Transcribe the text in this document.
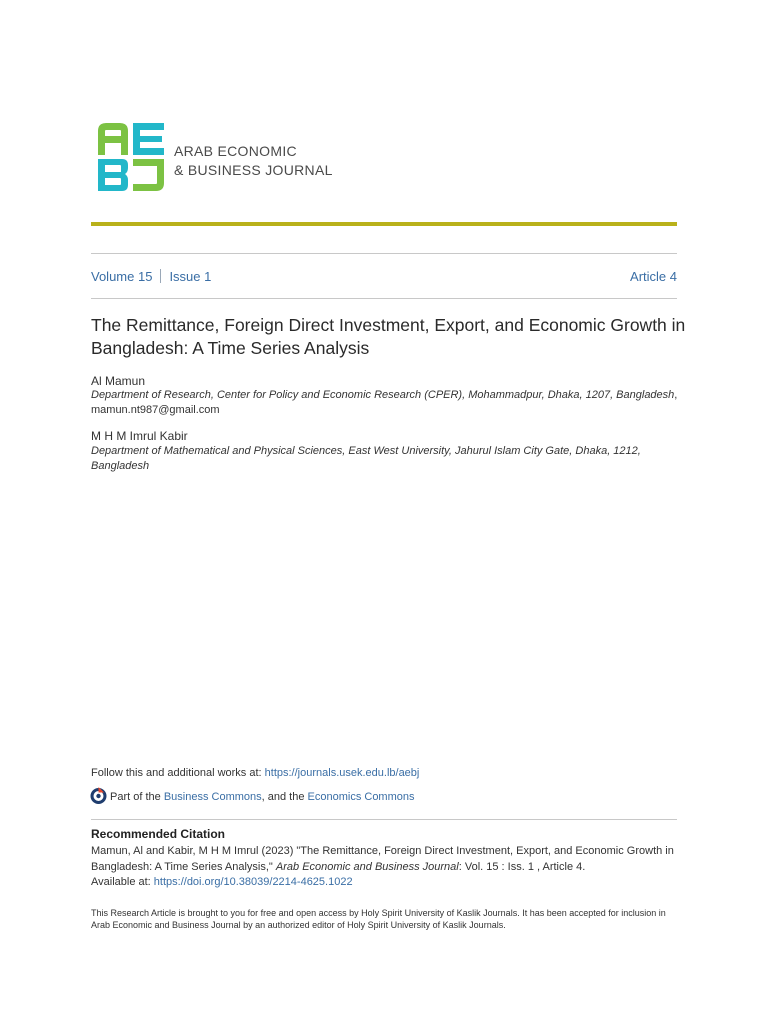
ARAB ECONOMIC
& BUSINESS JOURNAL
Volume 15 Issue 1	Article 4
The Remittance, Foreign Direct Investment, Export, and Economic Growth in Bangladesh: A Time Series Analysis
Al Mamun
Department of Research, Center for Policy and Economic Research (CPER), Mohammadpur, Dhaka, 1207, Bangladesh, mamun.nt987@gmail.com
M H M Imrul Kabir
Department of Mathematical and Physical Sciences, East West University, Jahurul Islam City Gate, Dhaka, 1212, Bangladesh
Follow this and additional works at: https://journals.usek.edu.lb/aebj
Part of the Business Commons, and the Economics Commons
Recommended Citation
Mamun, Al and Kabir, M H M Imrul (2023) "The Remittance, Foreign Direct Investment, Export, and Economic Growth in Bangladesh: A Time Series Analysis," Arab Economic and Business Journal: Vol. 15 : Iss. 1 , Article 4.
Available at: https://doi.org/10.38039/2214-4625.1022
This Research Article is brought to you for free and open access by Holy Spirit University of Kaslik Journals. It has been accepted for inclusion in Arab Economic and Business Journal by an authorized editor of Holy Spirit University of Kaslik Journals.
